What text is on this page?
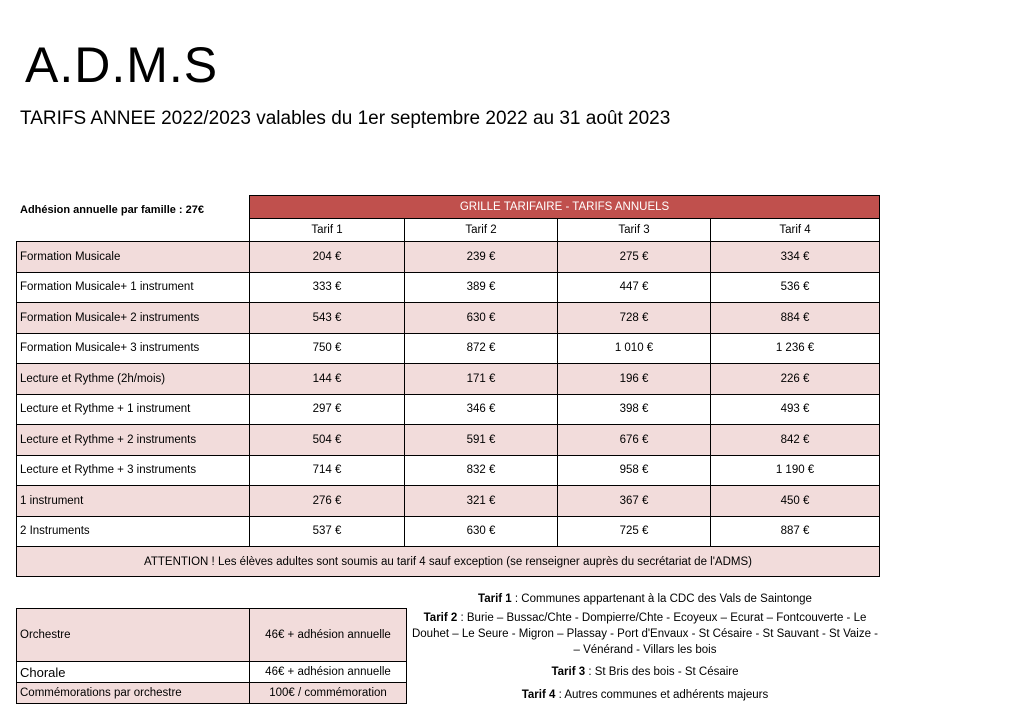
A.D.M.S
TARIFS ANNEE 2022/2023 valables du 1er septembre 2022 au 31 août 2023
Adhésion annuelle par famille : 27€
		GRILLE TARIFAIRE - TARIFS ANNUELS			
	Tarif 1	Tarif 2	Tarif 3	Tarif 4
Formation Musicale	204 €	239 €	275 €	334 €
Formation Musicale+ 1 instrument	333 €	389 €	447 €	536 €
Formation Musicale+ 2 instruments	543 €	630 €	728 €	884 €
Formation Musicale+ 3 instruments	750 €	872 €	1 010 €	1 236 €
Lecture et Rythme (2h/mois)	144 €	171 €	196 €	226 €
Lecture et Rythme + 1 instrument	297 €	346 €	398 €	493 €
Lecture et Rythme + 2 instruments	504 €	591 €	676 €	842 €
Lecture et Rythme + 3 instruments	714 €	832 €	958 €	1 190 €
1 instrument	276 €	321 €	367 €	450 €
2 Instruments	537 €	630 €	725 €	887 €
ATTENTION ! Les élèves adultes sont soumis au tarif 4 sauf exception (se renseigner auprès du secrétariat de l'ADMS)				
Orchestre	46€ + adhésion annuelle
Chorale	46€ + adhésion annuelle
Commémorations par orchestre	100€ / commémoration
Tarif 1 : Communes appartenant à la CDC des Vals de Saintonge
Tarif 2 : Burie – Bussac/Chte - Dompierre/Chte - Ecoyeux – Ecurat – Fontcouverte - Le Douhet – Le Seure - Migron – Plassay - Port d'Envaux - St Césaire - St Sauvant - St Vaize - – Vénérand - Villars les bois
Tarif 3 : St Bris des bois - St Césaire
Tarif 4 : Autres communes et adhérents majeurs
